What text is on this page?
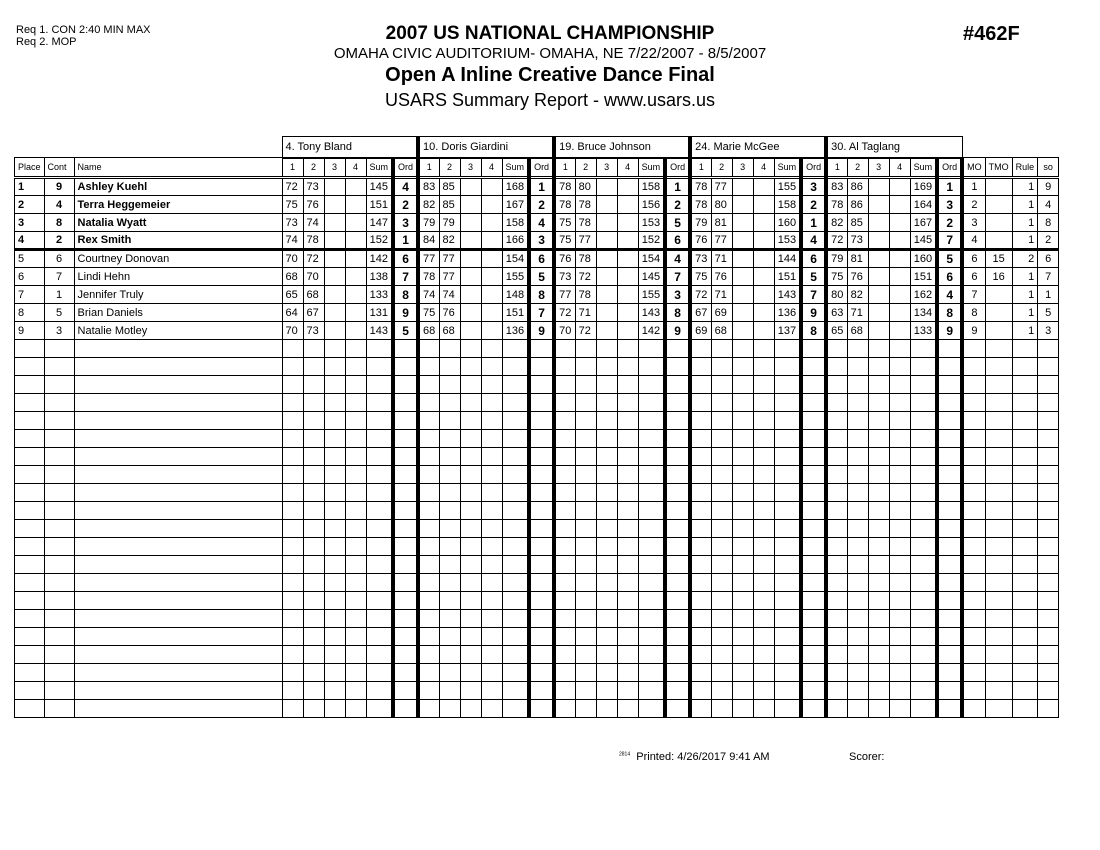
Req 1. CON 2:40 MIN MAX
Req 2. MOP	2007 US NATIONAL CHAMPIONSHIP
OMAHA CIVIC AUDITORIUM- OMAHA, NE 7/22/2007 - 8/5/2007
Open A Inline Creative Dance Final
USARS Summary Report - www.usars.us
#462F
			4. Tony Bland						10. Doris Giardini						19. Bruce Johnson						24. Marie McGee						30. Al Taglang									
Place	Cont	Name	1	2	3	4	Sum	Ord	1	2	3	4	Sum	Ord	1	2	3	4	Sum	Ord	1	2	3	4	Sum	Ord	1	2	3	4	Sum	Ord	MO	TMO	Rule	so
1	9	Ashley Kuehl	72	73			145	4	83	85			168	1	78	80			158	1	78	77			155	3	83	86			169	1	1		1	9
2	4	Terra Heggemeier	75	76			151	2	82	85			167	2	78	78			156	2	78	80			158	2	78	86			164	3	2		1	4
3	8	Natalia Wyatt	73	74			147	3	79	79			158	4	75	78			153	5	79	81			160	1	82	85			167	2	3		1	8
4	2	Rex Smith	74	78			152	1	84	82			166	3	75	77			152	6	76	77			153	4	72	73			145	7	4		1	2
5	6	Courtney Donovan	70	72			142	6	77	77			154	6	76	78			154	4	73	71			144	6	79	81			160	5	6	15	2	6
6	7	Lindi Hehn	68	70			138	7	78	77			155	5	73	72			145	7	75	76			151	5	75	76			151	6	6	16	1	7
7	1	Jennifer Truly	65	68			133	8	74	74			148	8	77	78			155	3	72	71			143	7	80	82			162	4	7		1	1
8	5	Brian Daniels	64	67			131	9	75	76			151	7	72	71			143	8	67	69			136	9	63	71			134	8	8		1	5
9	3	Natalie Motley	70	73			143	5	68	68			136	9	70	72			142	9	69	68			137	8	65	68			133	9	9		1	3

$^{2814}$ Printed: 4/26/2017 9:41 AM	Scorer:
